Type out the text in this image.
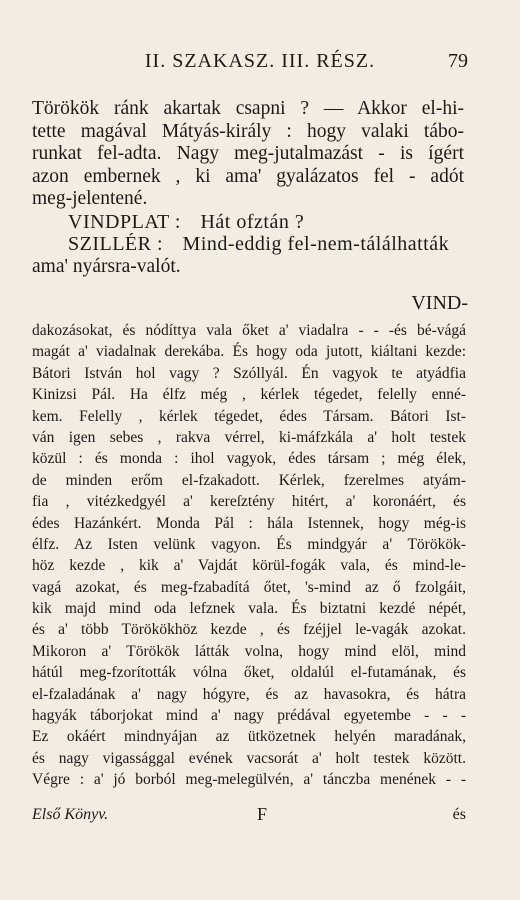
II. SZAKASZ. III. RÉSZ.	79
Törökök ránk akartak csapni ? — Akkor el-hi-
tette magával Mátyás-király : hogy valaki tábo-
runkat fel-adta. Nagy meg-jutalmazást - is ígért
azon embernek , ki ama' gyalázatos fel - adót
meg-jelentené.
VINDPLAT : Hát ofztán ?
SZILLÉR : Mind-eddig fel-nem-tálálhatták
ama' nyársra-valót.
VIND-
dakozásokat, és nódíttya vala őket a' viadalra - - -és bé-vágá
magát a' viadalnak derekába. És hogy oda jutott, kiáltani kezde:
Bátori István hol vagy ? Szóllyál. Én vagyok te atyádfia
Kinizsi Pál. Ha élfz még , kérlek tégedet, felelly enné-
kem. Felelly , kérlek tégedet, édes Társam. Bátori Ist-
ván igen sebes , rakva vérrel, ki-máfzkála a' holt testek
közül : és monda : ihol vagyok, édes társam ; még élek,
de minden erőm el-fzakadott. Kérlek, fzerelmes atyám-
fia , vitézkedgyél a' kereſztény hitért, a' koronáért, és
édes Hazánkért. Monda Pál : hála Istennek, hogy még-is
élfz. Az Isten velünk vagyon. És mindgyár a' Törökök-
höz kezde , kik a' Vajdát körül-fogák vala, és mind-le-
vagá azokat, és meg-fzabadítá őtet, 's-mind az ő fzolgáit,
kik majd mind oda lefznek vala. És biztatni kezdé népét,
és a' több Törökökhöz kezde , és fzéjjel le-vagák azokat.
Mikoron a' Törökök látták volna, hogy mind elöl, mind
hátúl meg-fzorították vólna őket, oldalúl el-futamának, és
el-fzaladának a' nagy hógyre, és az havasokra, és hátra
hagyák táborjokat mind a' nagy prédával egyetembe - - -
Ez okáért mindnyájan az ütközetnek helyén maradának,
és nagy vigassággal evének vacsorát a' holt testek között.
Végre : a' jó borból meg-melegülvén, a' tánczba menének - -
Első Könyv.	F	és
